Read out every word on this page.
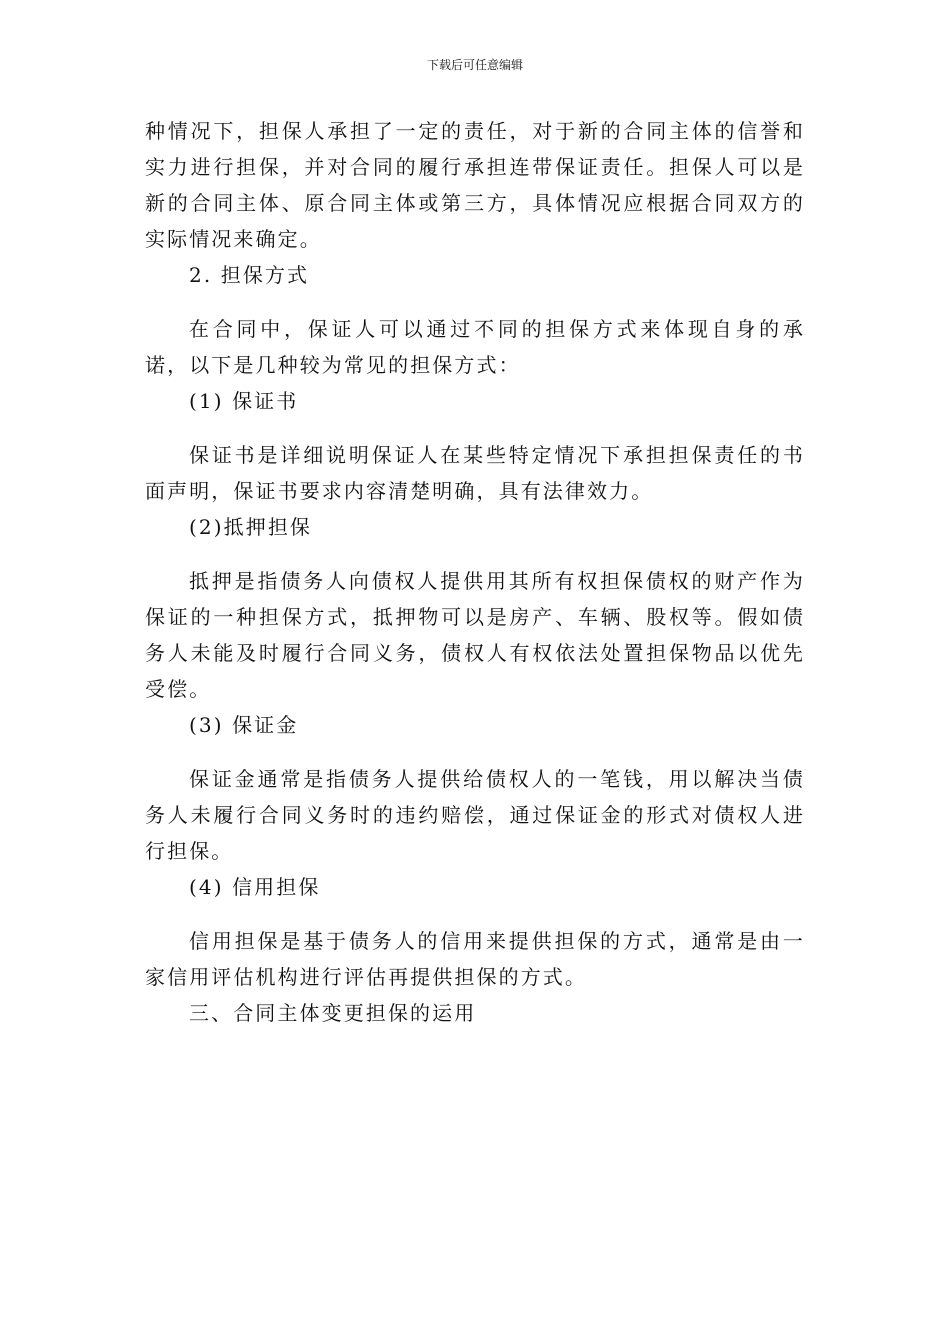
下载后可任意编辑

种情况下，担保人承担了一定的责任，对于新的合同主体的信誉和实力进行担保，并对合同的履行承担连带保证责任。担保人可以是新的合同主体、原合同主体或第三方，具体情况应根据合同双方的实际情况来确定。

2. 担保方式

在合同中，保证人可以通过不同的担保方式来体现自身的承诺，以下是几种较为常见的担保方式：

(1) 保证书

保证书是详细说明保证人在某些特定情况下承担担保责任的书面声明，保证书要求内容清楚明确，具有法律效力。

(2)抵押担保

抵押是指债务人向债权人提供用其所有权担保债权的财产作为保证的一种担保方式，抵押物可以是房产、车辆、股权等。假如债务人未能及时履行合同义务，债权人有权依法处置担保物品以优先受偿。

(3) 保证金

保证金通常是指债务人提供给债权人的一笔钱，用以解决当债务人未履行合同义务时的违约赔偿，通过保证金的形式对债权人进行担保。

(4) 信用担保

信用担保是基于债务人的信用来提供担保的方式，通常是由一家信用评估机构进行评估再提供担保的方式。

三、合同主体变更担保的运用
